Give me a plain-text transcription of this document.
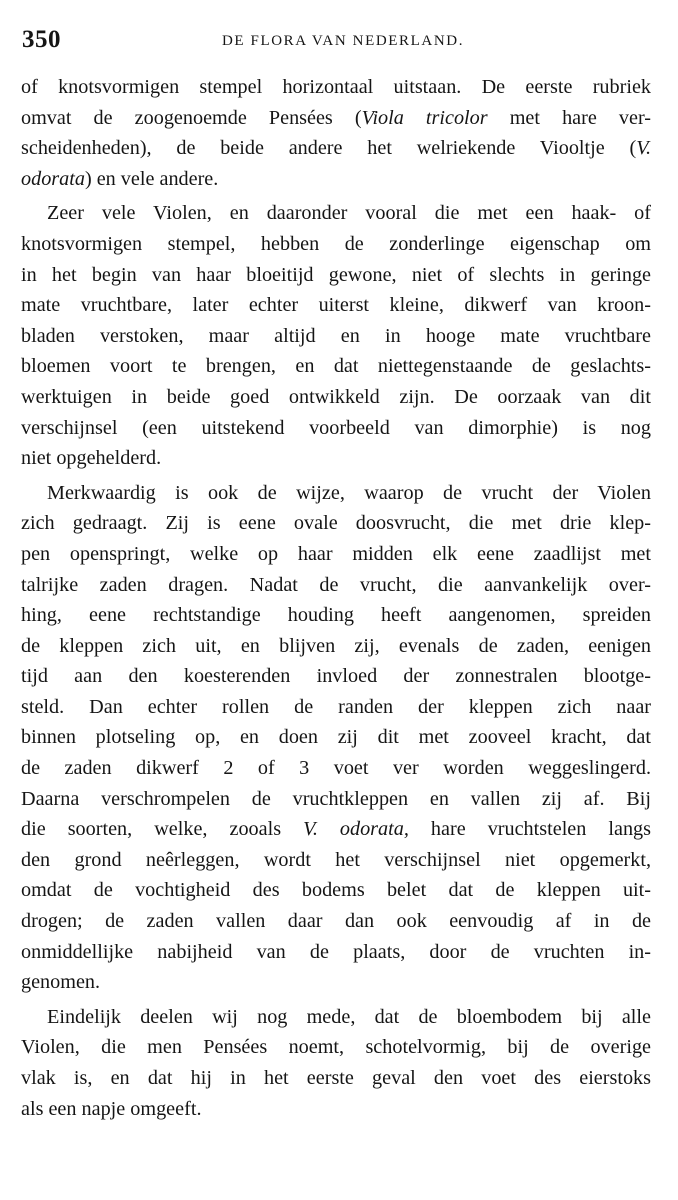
350	DE FLORA VAN NEDERLAND.
of knotsvormigen stempel horizontaal uitstaan. De eerste rubriek
omvat de zoogenoemde Pensées (Viola tricolor met hare ver-
scheidenheden), de beide andere het welriekende Viooltje (V.
odorata) en vele andere.
Zeer vele Violen, en daaronder vooral die met een haak- of
knotsvormigen stempel, hebben de zonderlinge eigenschap om
in het begin van haar bloeitijd gewone, niet of slechts in geringe
mate vruchtbare, later echter uiterst kleine, dikwerf van kroon-
bladen verstoken, maar altijd en in hooge mate vruchtbare
bloemen voort te brengen, en dat niettegenstaande de geslachts-
werktuigen in beide goed ontwikkeld zijn. De oorzaak van dit
verschijnsel (een uitstekend voorbeeld van dimorphie) is nog
niet opgehelderd.
Merkwaardig is ook de wijze, waarop de vrucht der Violen
zich gedraagt. Zij is eene ovale doosvrucht, die met drie klep-
pen openspringt, welke op haar midden elk eene zaadlijst met
talrijke zaden dragen. Nadat de vrucht, die aanvankelijk over-
hing, eene rechtstandige houding heeft aangenomen, spreiden
de kleppen zich uit, en blijven zij, evenals de zaden, eenigen
tijd aan den koesterenden invloed der zonnestralen blootge-
steld. Dan echter rollen de randen der kleppen zich naar
binnen plotseling op, en doen zij dit met zooveel kracht, dat
de zaden dikwerf 2 of 3 voet ver worden weggeslingerd.
Daarna verschrompelen de vruchtkleppen en vallen zij af. Bij
die soorten, welke, zooals V. odorata, hare vruchtstelen langs
den grond neêrleggen, wordt het verschijnsel niet opgemerkt,
omdat de vochtigheid des bodems belet dat de kleppen uit-
drogen; de zaden vallen daar dan ook eenvoudig af in de
onmiddellijke nabijheid van de plaats, door de vruchten in-
genomen.
Eindelijk deelen wij nog mede, dat de bloembodem bij alle
Violen, die men Pensées noemt, schotelvormig, bij de overige
vlak is, en dat hij in het eerste geval den voet des eierstoks
als een napje omgeeft.
